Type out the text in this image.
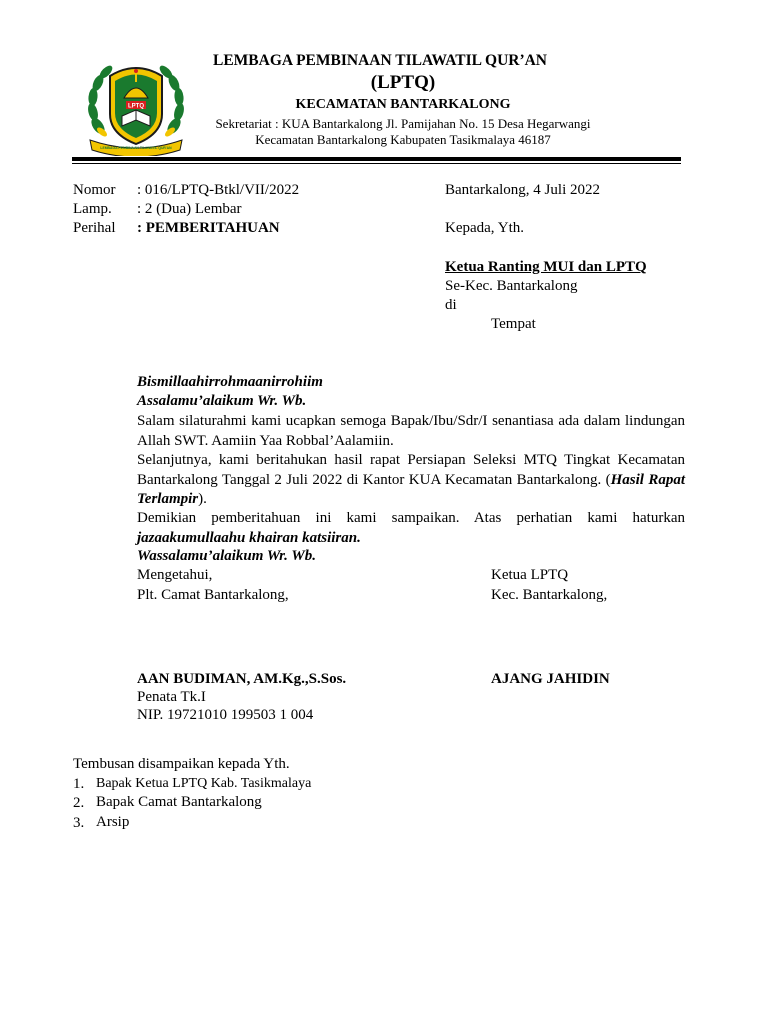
LPTQ
LEMBAGA PEMBINAAN TILAWATIL QUR'AN
LEMBAGA PEMBINAAN TILAWATIL QUR’AN
(LPTQ)
KECAMATAN BANTARKALONG
Sekretariat : KUA Bantarkalong Jl. Pamijahan No. 15 Desa Hegarwangi
Kecamatan Bantarkalong Kabupaten Tasikmalaya 46187
Nomor
Lamp.
Perihal
: 016/LPTQ-Btkl/VII/2022
: 2 (Dua) Lembar
: PEMBERITAHUAN
Bantarkalong, 4 Juli 2022
Kepada, Yth.
Ketua Ranting MUI dan LPTQ
Se-Kec. Bantarkalong
di
Tempat
Bismillaahirrohmaanirrohiim
Assalamu’alaikum Wr. Wb.
Salam silaturahmi kami ucapkan semoga Bapak/Ibu/Sdr/I senantiasa ada dalam lindungan Allah SWT. Aamiin Yaa Robbal’Aalamiin.
Selanjutnya, kami beritahukan hasil rapat Persiapan Seleksi MTQ Tingkat Kecamatan Bantarkalong Tanggal 2 Juli 2022 di Kantor KUA Kecamatan Bantarkalong. (Hasil Rapat Terlampir).
Demikian pemberitahuan ini kami sampaikan. Atas perhatian kami haturkan jazaakumullaahu khairan katsiiran.
Wassalamu’alaikum Wr. Wb.
Mengetahui,
Plt. Camat Bantarkalong,
Ketua LPTQ
Kec. Bantarkalong,
AAN BUDIMAN, AM.Kg.,S.Sos.
Penata Tk.I
NIP. 19721010 199503 1 004
AJANG JAHIDIN
Tembusan disampaikan kepada Yth.
1. Bapak Ketua LPTQ Kab. Tasikmalaya
2. Bapak Camat Bantarkalong
3. Arsip
